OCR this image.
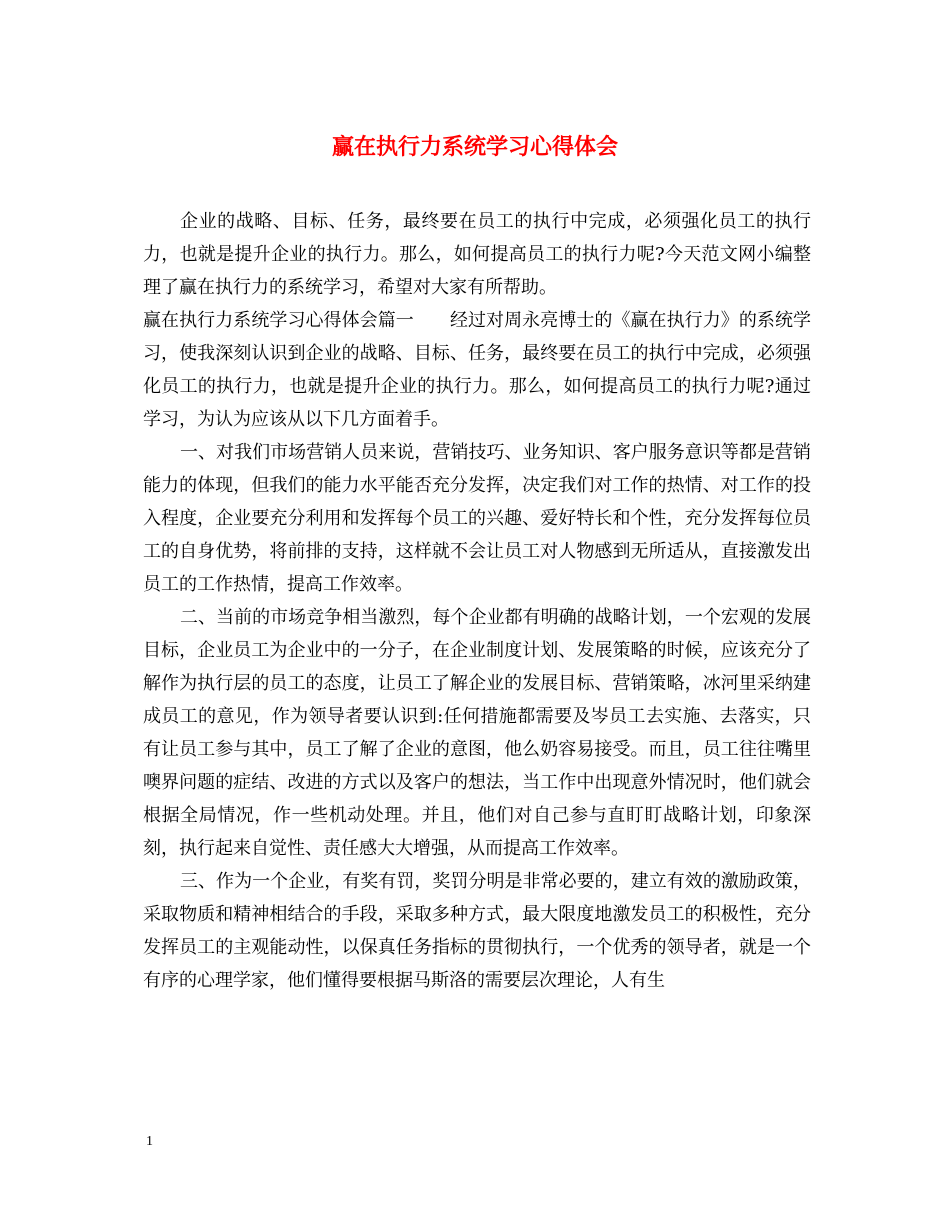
赢在执行力系统学习心得体会

企业的战略、目标、任务，最终要在员工的执行中完成，必须强化员工的执行力，也就是提升企业的执行力。那么，如何提高员工的执行力呢?今天范文网小编整理了赢在执行力的系统学习，希望对大家有所帮助。

赢在执行力系统学习心得体会篇一　　经过对周永亮博士的《赢在执行力》的系统学习，使我深刻认识到企业的战略、目标、任务，最终要在员工的执行中完成，必须强化员工的执行力，也就是提升企业的执行力。那么，如何提高员工的执行力呢?通过学习，为认为应该从以下几方面着手。

一、对我们市场营销人员来说，营销技巧、业务知识、客户服务意识等都是营销能力的体现，但我们的能力水平能否充分发挥，决定我们对工作的热情、对工作的投入程度，企业要充分利用和发挥每个员工的兴趣、爱好特长和个性，充分发挥每位员工的自身优势，将前排的支持，这样就不会让员工对人物感到无所适从，直接激发出员工的工作热情，提高工作效率。

二、当前的市场竞争相当激烈，每个企业都有明确的战略计划，一个宏观的发展目标，企业员工为企业中的一分子，在企业制度计划、发展策略的时候，应该充分了解作为执行层的员工的态度，让员工了解企业的发展目标、营销策略，冰河里采纳建成员工的意见，作为领导者要认识到:任何措施都需要及岑员工去实施、去落实，只有让员工参与其中，员工了解了企业的意图，他么奶容易接受。而且，员工往往嘴里噢界问题的症结、改进的方式以及客户的想法，当工作中出现意外情况时，他们就会根据全局情况，作一些机动处理。并且，他们对自己参与直盯盯战略计划，印象深刻，执行起来自觉性、责任感大大增强，从而提高工作效率。

三、作为一个企业，有奖有罚，奖罚分明是非常必要的，建立有效的激励政策，采取物质和精神相结合的手段，采取多种方式，最大限度地激发员工的积极性，充分发挥员工的主观能动性，以保真任务指标的贯彻执行，一个优秀的领导者，就是一个有序的心理学家，他们懂得要根据马斯洛的需要层次理论，人有生

1
